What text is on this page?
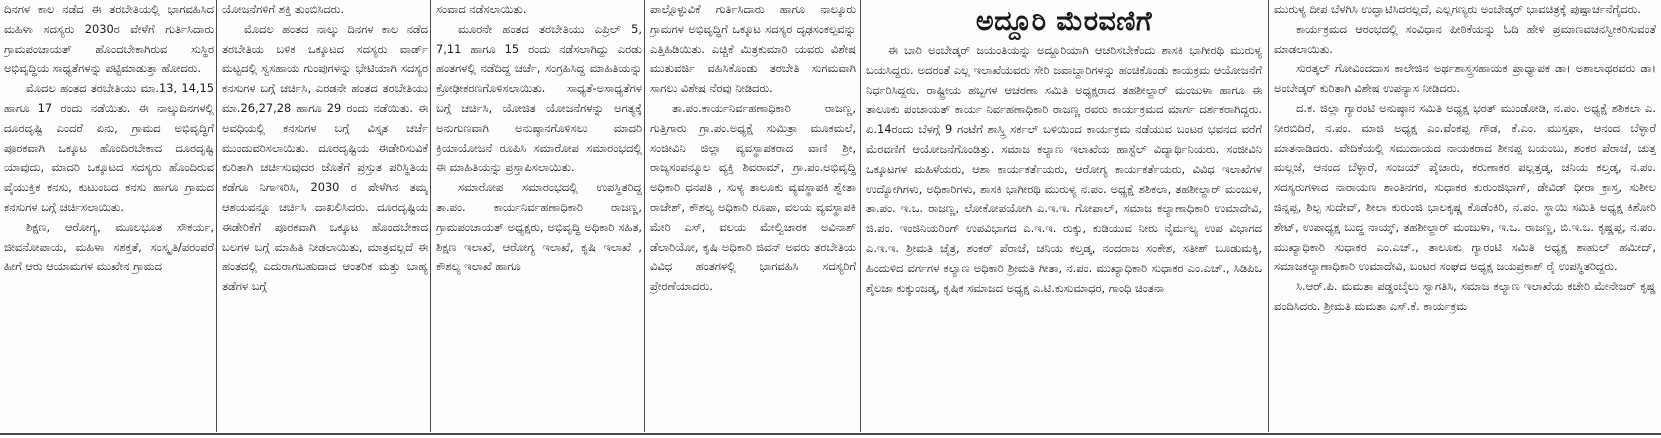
ದಿನಗಳ ಕಾಲ ನಡೆದ ಈ ತರಬೇತಿಯಲ್ಲಿ ಭಾಗವಹಿಸಿದ ಮಹಿಳಾ ಸದಸ್ಯರು 2030ರ ವೇಳೆಗೆ ಗುರ್ತಿಸಿದಾರು ಗ್ರಾಮಪಂಚಾಯತ್ ಹೊಂದಬೇಕಾಗಿರುವ ಸುಸ್ಥಿರ ಅಭಿವೃದ್ಧಿಯ ಸಾಧ್ಯತೆಗಳನ್ನು ಪಟ್ಟಿಮಾಡುತ್ತಾ ಹೋದರು.

ಮೊದಲ ಹಂತದ ತರಬೇತಿಯು ಮಾ.13, 14,15 ಹಾಗೂ 17 ರಂದು ನಡೆಯಿತು. ಈ ನಾಲ್ಕುದಿನಗಳಲ್ಲಿ ದೂರದೃಷ್ಟಿ ಎಂದರೆ ಏನು, ಗ್ರಾಮದ ಅಭಿವೃದ್ಧಿಗೆ ಪೂರಕವಾಗಿ ಒಕ್ಕೂಟ ಹೊಂದಿರಬೇಕಾದ ದೂರದೃಷ್ಟಿ ಯಾವುದು, ಮಾದರಿ ಒಕ್ಕೂಟದ ಸದಸ್ಯರು ಹೊಂದಿರುವ ವೈಯುಕ್ತಿಕ ಕನಸು, ಕುಟುಂಬದ ಕನಸು ಹಾಗೂ ಗ್ರಾಮದ ಕನಸುಗಳ ಬಗ್ಗೆ ಚರ್ಚಿಸಲಾಯಿತು.

ಶಿಕ್ಷಣ, ಆರೋಗ್ಯ, ಮೂಲಭೂತ ಸೌಕರ್ಯ, ಜೀವನೋಪಾಯ, ಮಹಿಳಾ ಸಶಕ್ತತೆ, ಸಂಸ್ಕೃತಿ/ಪರಂಪರೆ ಹೀಗೆ ಆರು ಆಯಾಮಗಳ ಮುಖೇನ ಗ್ರಾಮದ

ಯೋಜನೆಗಳಿಗೆ ಶಕ್ತಿ ತುಂಬಿಸಿದರು.

ಮೊದಲ ಹಂತದ ನಾಲ್ಕು ದಿನಗಳ ಕಾಲ ನಡೆದ ತರಬೇತಿಯ ಬಳಿಕ ಒಕ್ಕೂಟದ ಸದಸ್ಯರು ವಾರ್ಡ್ ಮಟ್ಟದಲ್ಲಿ ಸ್ವಸಹಾಯ ಗುಂಪುಗಳನ್ನು ಭೇಟಿಯಾಗಿ ಸದಸ್ಯರ ಕನಸುಗಳ ಬಗ್ಗೆ ಚರ್ಚಿಸಿ, ಎರಡನೇ ಹಂತದ ತರಬೇತಿಯು ಮಾ.26,27,28 ಹಾಗೂ 29 ರಂದು ನಡೆಯಿತು. ಈ ಅವಧಿಯಲ್ಲಿ ಕನಸುಗಳ ಬಗ್ಗೆ ವಿಸ್ತೃತ ಚರ್ಚೆ ಮುಂದುವರಿಸಲಾಯಿತು. ದೂರದೃಷ್ಟಿಯ ಈಡೇರಿಸುವಿಕೆ ಕುರಿತಾಗಿ ಚರ್ಚಿಸುವುದರ ಜೊತೆಗೆ ಪ್ರಸ್ತುತ ಪರಿಸ್ಥಿತಿಯ ಕಡೆಗೂ ನಿಗಾಇರಿಸಿ, 2030 ರ ವೇಳೆಗಿನ ತಮ್ಮ ಆಶಯವನ್ನೂ ಚರ್ಚಿಸಿ ದಾಖಲಿಸಿದರು. ದೂರದೃಷ್ಟಿಯ ಈಡೇರಿಕೆಗೆ ಪೂರಕವಾಗಿ ಒಕ್ಕೂಟ ಹೊಂದಬೇಕಾದ ಬಲಗಳ ಬಗ್ಗೆ ಮಾಹಿತಿ ನೀಡಲಾಯಿತು, ಮಾತ್ರವಲ್ಲದೆ ಈ ಹಂತದಲ್ಲಿ ಎದುರಾಗಬಹುದಾದ ಆಂತರಿಕ ಮತ್ತು ಬಾಹ್ಯ ತಡೆಗಳ ಬಗ್ಗೆ

ಸಂವಾದ ನಡೆಸಲಾಯಿತು.

ಮೂರನೇ ಹಂತದ ತರಬೇತಿಯು ಎಪ್ರಿಲ್ 5, 7,11 ಹಾಗೂ 15 ರಂದು ನಡೆಸಲಾಗಿದ್ದು ಎರಡು ಹಂತಗಳಲ್ಲಿ ನಡೆದಿದ್ದ ಚರ್ಚೆ, ಸಂಗ್ರಹಿಸಿದ್ದ ಮಾಹಿತಿಯನ್ನು ಕ್ರೋಢೀಕರಣಗೊಳಿಸಲಾಯಿತು. ಸಾಧ್ಯತೆ-ಅಸಾಧ್ಯತೆಗಳ ಬಗ್ಗೆ ಚರ್ಚಿಸಿ, ಯೋಜಿತ ಯೋಜನೆಗಳನ್ನು ಅಗತ್ಯಕ್ಕೆ ಅನುಗುಣವಾಗಿ ಅನುಷ್ಠಾನಗೊಳಿಸಲು ಮಾದರಿ ಕ್ರಿಯಾಯೋಜನೆ ರೂಪಿಸಿ ಸಮಾರೋಪ ಸಮಾರಂಭದಲ್ಲಿ ಈ ಮಾಹಿತಿಯನ್ನು ಪ್ರಸ್ತಾಪಿಸಲಾಯಿತು.

ಸಮಾರೋಪ ಸಮಾರಂಭದಲ್ಲಿ ಉಪಸ್ಥಿತರಿದ್ದ ತಾ.ಪಂ. ಕಾರ್ಯನಿರ್ವಹಣಾಧಿಕಾರಿ ರಾಜಣ್ಣ, ಗ್ರಾಮಪಂಚಾಯತ್ ಅಧ್ಯಕ್ಷರು, ಅಭಿವೃದ್ಧಿ ಅಧಿಕಾರಿ ಸಹಿತ, ಶಿಕ್ಷಣ ಇಲಾಖೆ, ಆರೋಗ್ಯ ಇಲಾಖೆ, ಕೃಷಿ ಇಲಾಖೆ , ಕೌಶಲ್ಯ ಇಲಾಖೆ ಹಾಗೂ

ಪಾಲ್ಗೊಳ್ಳುವಿಕೆ ಗುರ್ತಿಸಿದಾರು ಹಾಗೂ ನಾಲ್ಕೂರು ಗ್ರಾಮಗಳ ಅಭಿವೃದ್ಧಿಗೆ ಒಕ್ಕೂಟ ಸದಸ್ಯರ ದೃಢಸಂಕಲ್ಪವನ್ನು ಎತ್ತಿಹಿಡಿಯಿತು. ಎಚ್ಚಿಕೆ ಮಿತ್ರಕುಮಾರಿ ಯವರು ವಿಶೇಷ ಮುತುವರ್ಜಿ ವಹಿಸಿಕೊಂಡು ತರಬೇತಿ ಸುಗಮವಾಗಿ ಸಾಗಲು ವಿಶೇಷ ನೆರವು ನೀಡಿದರು.

ತಾ.ಪಂ.ಕಾರ್ಯನಿರ್ವಹಣಾಧಿಕಾರಿ ರಾಜಣ್ಣ, ಗುತ್ತಿಗಾರು ಗ್ರಾ.ಪಂ.ಅಧ್ಯಕ್ಷೆ ಸುಮಿತ್ರಾ ಮೂಕಮಲೆ, ಸಂಜೀವಿನಿ ಜಿಲ್ಲಾ ವ್ಯವಸ್ಥಾಪಕರಾದ ವಾಣಿ ಶ್ರೀ, ರಾಜ್ಯಸಂಪನ್ಮೂಲ ವ್ಯಕ್ತಿ ಶಿವರಾಮ್, ಗ್ರಾ.ಪಂ.ಅಭಿವೃದ್ಧಿ ಅಧಿಕಾರಿ ಧನಪತಿ , ಸುಳ್ಯ ತಾಲೂಕು ವ್ಯವಸ್ಥಾಪಕಿ ಶ್ವೇತಾ ರಾಜೇಶ್, ಕೌಶಲ್ಯ ಅಧಿಕಾರಿ ರೂಪಾ, ವಲಯ ವ್ಯವಸ್ಥಾಪಕಿ ಮೇರಿ ಎಸ್, ವಲಯ ಮೇಲ್ವಿಚಾರಕ ಅವಿನಾಶ್ ಡೆಲಾರಿಯೋ, ಕೃಷಿ ಅಧಿಕಾರಿ ಜಿವನ್ ಅವರು ತರಬೇತಿಯ ವಿವಿಧ ಹಂತಗಳಲ್ಲಿ ಭಾಗವಹಿಸಿ ಸದಸ್ಯರಿಗೆ ಪ್ರೇರಣೆಯಾದರು.

ಅದ್ದೂರಿ ಮೆರವಣಿಗೆ

ಈ ಬಾರಿ ಅಂಬೇಡ್ಕರ್ ಜಯಂತಿಯನ್ನು ಅದ್ದೂರಿಯಾಗಿ ಆಚರಿಸಬೇಕೆಂದು ಶಾಸಕಿ ಭಾಗೀರಥಿ ಮುರುಳ್ಯ ಬಯಸಿದ್ದರು. ಅದರಂತೆ ಎಲ್ಲ ಇಲಾಖೆಯವರು ಸೇರಿ ಜವಾಬ್ದಾರಿಗಳನ್ನು ಹಂಚಿಕೊಂಡು ಕಾಯಕ್ರಮ ಆಯೋಜನೆಗೆ ನಿರ್ಧರಿಸಿದ್ದರು. ರಾಷ್ಟ್ರೀಯ ಹಬ್ಬಗಳ ಆಚರಣಾ ಸಮಿತಿ ಅಧ್ಯಕ್ಷರಾದ ತಹಶೀಲ್ದಾರ್ ಮಂಜುಳಾ ಹಾಗೂ ಈ ತಾಲೂಕು ಪಂಚಾಯತ್ ಕಾರ್ಯ ನಿರ್ವಹಣಾಧಿಕಾರಿ ರಾಜಣ್ಣ ರವರು ಕಾರ್ಯಕ್ರಮದ ಮಾರ್ಗ ದರ್ಶಕರಾಗಿದ್ದರು. ಏ.14ರಂದು ಬೆಳಗ್ಗೆ 9 ಗಂಟೆಗೆ ಶಾಸ್ತ್ರಿ ಸರ್ಕಲ್ ಬಳಿಯಿಂದ ಕಾರ್ಯಕ್ರಮ ನಡೆಯುವ ಬಂಟರ ಭವನದ ವರೆಗೆ ಮೆರವಣಿಗೆ ಆಯೋಜನೆಗೊಂಡಿತ್ತು. ಸಮಾಜ ಕಲ್ಯಾಣ ಇಲಾಖೆಯ ಹಾಸ್ಟೆಲ್ ವಿದ್ಯಾರ್ಥಿನಿಯರು. ಸಂಜೀವಿನಿ ಒಕ್ಕೂಟಗಳ ಮಹಿಳೆಯರು, ಆಶಾ ಕಾರ್ಯಕರ್ತೆಯರು, ಆರೋಗ್ಯ ಕಾರ್ಯಕರ್ತೆಯರು, ವಿವಿಧ ಇಲಾಖೆಗಳ ಉದ್ಯೋಗಿಗಳು, ಅಧಿಕಾರಿಗಳು, ಶಾಸಕಿ ಭಾಗೀರಥಿ ಮುರುಳ್ಯ ನ.ಪಂ. ಅಧ್ಯಕ್ಷೆ ಶಶಿಕಲಾ, ತಹಶೀಲ್ದಾರ್ ಮಂಜುಳ, ತಾ.ಪಂ. ಇ.ಒ. ರಾಜಣ್ಣ, ಲೋಕೋಪಯೋಗಿ ಎ.ಇ.ಇ. ಗೋಪಾಲ್, ಸಮಾಜ ಕಲ್ಯಾಣಾಧಿಕಾರಿ ಉಮಾದೇವಿ, ಜಿ.ಪಂ. ಇಂಜಿನಿಯರಿಂಗ್ ಉಪವಿಭಾಗದ ಎ.ಇ.ಇ. ರುಕ್ಕು, ಕುಡಿಯುವ ನೀರು ನೈರ್ಮಲ್ಯ ಉಪ ವಿಭಾಗದ ಎ.ಇ.ಇ. ಶ್ರೀಮತಿ ಚೈತ್ರ, ಶಂಕರ್ ಪೆರಾಜೆ, ಚನಿಯ ಕಲ್ತಡ್ಕ, ನಂದರಾಜ ಸಂಕೇಶ, ಸತೀಶ್ ಬೂಡುಮಕ್ಕಿ, ಹಿಂದುಳಿದ ವರ್ಗಗಳ ಕಲ್ಯಾಣ ಅಧಿಕಾರಿ ಶ್ರೀಮತಿ ಗೀತಾ, ನ.ಪಂ. ಮುಖ್ಯಾಧಿಕಾರಿ ಸುಧಾಕರ ಎಂ.ಎಚ್., ಸಿಡಿಪಿಒ ಶೈಲಜಾ ಕುಕ್ಕುಂಜಡ್ಕ, ಕೃಷಿಕ ಸಮಾಜದ ಅಧ್ಯಕ್ಷ ಎ.ಟಿ.ಕುಸುಮಾಧರ, ಗಾಂಧಿ ಚಿಂತನಾ

ಮುರುಳ್ಯ ದೀಪ ಬೆಳಗಿಸಿ ಉದ್ಘಾಟಿಸಿದರಲ್ಲದೆ, ಎಲ್ಲಗಣ್ಯರು ಅಂಬೇಡ್ಕರ್ ಭಾವಚಿತ್ರಕ್ಕೆ ಪುಷ್ಪಾರ್ಚನೆಗೈದರು.

ಕಾರ್ಯಕ್ರಮದ ಆರಂಭದಲ್ಲಿ ಸಂವಿಧಾನ ಪೀಠಿಕೆಯನ್ನು ಓದಿ ಹೇಳಿ ಪ್ರಮಾಣವಚನಸ್ವೀಕರಿಸುವಂತೆ ಮಾಡಲಾಯಿತು.

ಸುರತ್ಕಲ್ ಗೋವಿಂದದಾಸ ಕಾಲೇಜಿನ ಅರ್ಥಶಾಸ್ತ್ರಸಹಾಯಕ ಪ್ರಾಧ್ಯಾಪಕ ಡಾ। ಅಶಾಲಾಥರವರು ಡಾ। ಅಂಬೇಡ್ಕರ್ ಕುರಿತಾಗಿ ವಿಶೇಷ ಉಪನ್ಯಾಸ ನೀಡಿದರು.

ದ.ಕ. ಜಿಲ್ಲಾ ಗ್ಯಾರಂಟಿ ಅನುಷ್ಠಾನ ಸಮಿತಿ ಅಧ್ಯಕ್ಷ ಭರತ್ ಮುಂಡೋಡಿ, ನ.ಪಂ. ಅಧ್ಯಕ್ಷೆ ಶಶಿಕಲಾ ಎ. ನೀರಬಿದಿರೆ, ನ.ಪಂ. ಮಾಜಿ ಅಧ್ಯಕ್ಷ ಎಂ.ವೆಂಕಪ್ಪ ಗೌಡ, ಕೆ.ಎಂ. ಮುಸ್ತಫಾ, ಆನಂದ ಬೆಳ್ಳಾರೆ ಮಾತನಾಡಿದರು. ವೇದಿಕೆಯಲ್ಲಿ ಸಮುದಾಯದ ನಾಯಕರಾದ ಶೀನಪ್ಪ ಬಯಂಬು, ಶಂಕರ ಪೆರಾಜೆ, ಚುತ್ತ ಮಲ್ಲಜೆ, ಆನಂದ ಬೆಳ್ಳಾರೆ, ಸಂಜಯ್ ಪೈಚಾರು, ಕರುಣಾಕರ ಪಲ್ಲತ್ತಡ್ಕ, ಚನಿಯ ಕಲ್ತಡ್ಕ, ನ.ಪಂ. ಸದಸ್ಯರುಗಳಾದ ನಾರಾಯಣ ಶಾಂತಿನಗರ, ಸುಧಾಕರ ಕುರುಂಜಿಭಾಗ್, ಡೇವಿಡ್ ಧೀರಾ ಕ್ರಾಸ್ತ, ಸುಶೀಲ ಜಿನ್ನಪ್ಪ, ಶಿಲ್ಪ ಸುದೇವ್, ಶೀಲಾ ಕುರುಂಜಿ ಭಾಲಕೃಷ್ಣ ಕೊಡೆಂಕಿರಿ, ನ.ಪಂ. ಸ್ಥಾಯಿ ಸಮಿತಿ ಅಧ್ಯಕ್ಷ ಕಿಶೋರಿ ಶೇಟ್, ಉಪಾಧ್ಯಕ್ಷ ಬುದ್ಧ ನಾಯ್ಕ್, ತಹಶೀಲ್ದಾರ್ ಮಂಜುಳಾ, ಇ.ಒ. ರಾಜಣ್ಣ, ಬಿ.ಇ.ಒ. ಕೃಷ್ಣಪ್ಪ, ನ.ಪಂ. ಮುಖ್ಯಾಧಿಕಾರಿ ಸುಧಾಕರ ಎಂ.ಎಚ್., ತಾಲೂಕು ಗ್ಯಾರಂಟಿ ಸಮಿತಿ ಅಧ್ಯಕ್ಷ ಶಾಹುಲ್ ಹಮೀದ್, ಸಮಾಜಕಲ್ಯಾಣಾಧಿಕಾರಿ ಉಮಾದೇವಿ, ಬಂಟರ ಸಂಘದ ಅಧ್ಯಕ್ಷ ಜಯಪ್ರಕಾಶ್ ರೈ ಉಪಸ್ಥಿತರಿದ್ದರು.

ಸಿ.ಆರ್.ಪಿ. ಮಮತಾ ಪಡ್ಡಂಬೈಲು ಸ್ವಾಗತಿಸಿ, ಸಮಾಜ ಕಲ್ಯಾಣ ಇಲಾಖೆಯ ಕಚೇರಿ ಮೇನೇಜರ್ ಕೃಷ್ಣ ವಂದಿಸಿದರು. ಶ್ರೀಮತಿ ಮಮತಾ ಎಸ್.ಕೆ. ಕಾರ್ಯಕ್ರಮ
